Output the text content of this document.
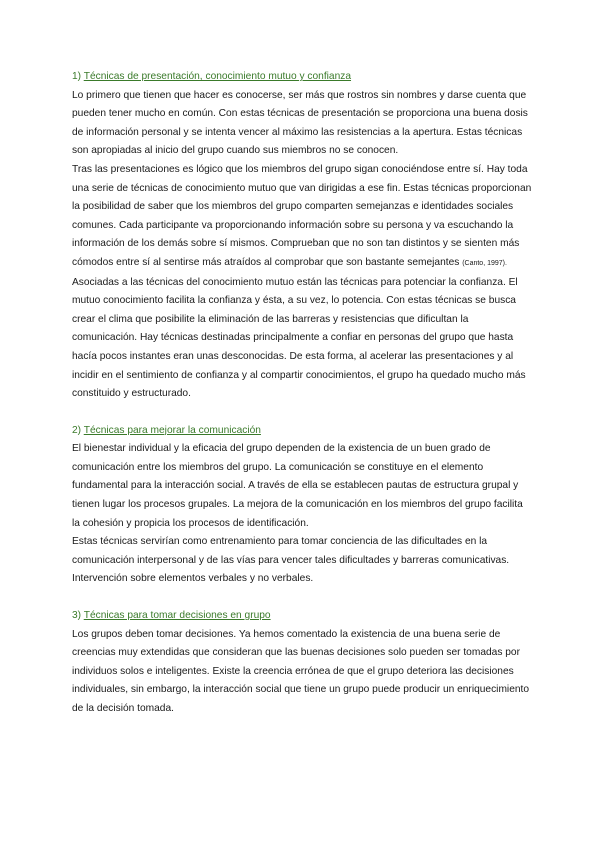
1) Técnicas de presentación, conocimiento mutuo y confianza

Lo primero que tienen que hacer es conocerse, ser más que rostros sin nombres y darse cuenta que pueden tener mucho en común. Con estas técnicas de presentación se proporciona una buena dosis de información personal y se intenta vencer al máximo las resistencias a la apertura. Estas técnicas son apropiadas al inicio del grupo cuando sus miembros no se conocen.

Tras las presentaciones es lógico que los miembros del grupo sigan conociéndose entre sí. Hay toda una serie de técnicas de conocimiento mutuo que van dirigidas a ese fin. Estas técnicas proporcionan la posibilidad de saber que los miembros del grupo comparten semejanzas e identidades sociales comunes. Cada participante va proporcionando información sobre su persona y va escuchando la información de los demás sobre sí mismos. Comprueban que no son tan distintos y se sienten más cómodos entre sí al sentirse más atraídos al comprobar que son bastante semejantes (Canto, 1997).

Asociadas a las técnicas del conocimiento mutuo están las técnicas para potenciar la confianza. El mutuo conocimiento facilita la confianza y ésta, a su vez, lo potencia. Con estas técnicas se busca crear el clima que posibilite la eliminación de las barreras y resistencias que dificultan la comunicación. Hay técnicas destinadas principalmente a confiar en personas del grupo que hasta hacía pocos instantes eran unas desconocidas. De esta forma, al acelerar las presentaciones y al incidir en el sentimiento de confianza y al compartir conocimientos, el grupo ha quedado mucho más constituido y estructurado.

2) Técnicas para mejorar la comunicación

El bienestar individual y la eficacia del grupo dependen de la existencia de un buen grado de comunicación entre los miembros del grupo. La comunicación se constituye en el elemento fundamental para la interacción social. A través de ella se establecen pautas de estructura grupal y tienen lugar los procesos grupales. La mejora de la comunicación en los miembros del grupo facilita la cohesión y propicia los procesos de identificación.

Estas técnicas servirían como entrenamiento para tomar conciencia de las dificultades en la comunicación interpersonal y de las vías para vencer tales dificultades y barreras comunicativas. Intervención sobre elementos verbales y no verbales.

3) Técnicas para tomar decisiones en grupo

Los grupos deben tomar decisiones. Ya hemos comentado la existencia de una buena serie de creencias muy extendidas que consideran que las buenas decisiones solo pueden ser tomadas por individuos solos e inteligentes. Existe la creencia errónea de que el grupo deteriora las decisiones individuales, sin embargo, la interacción social que tiene un grupo puede producir un enriquecimiento de la decisión tomada.
